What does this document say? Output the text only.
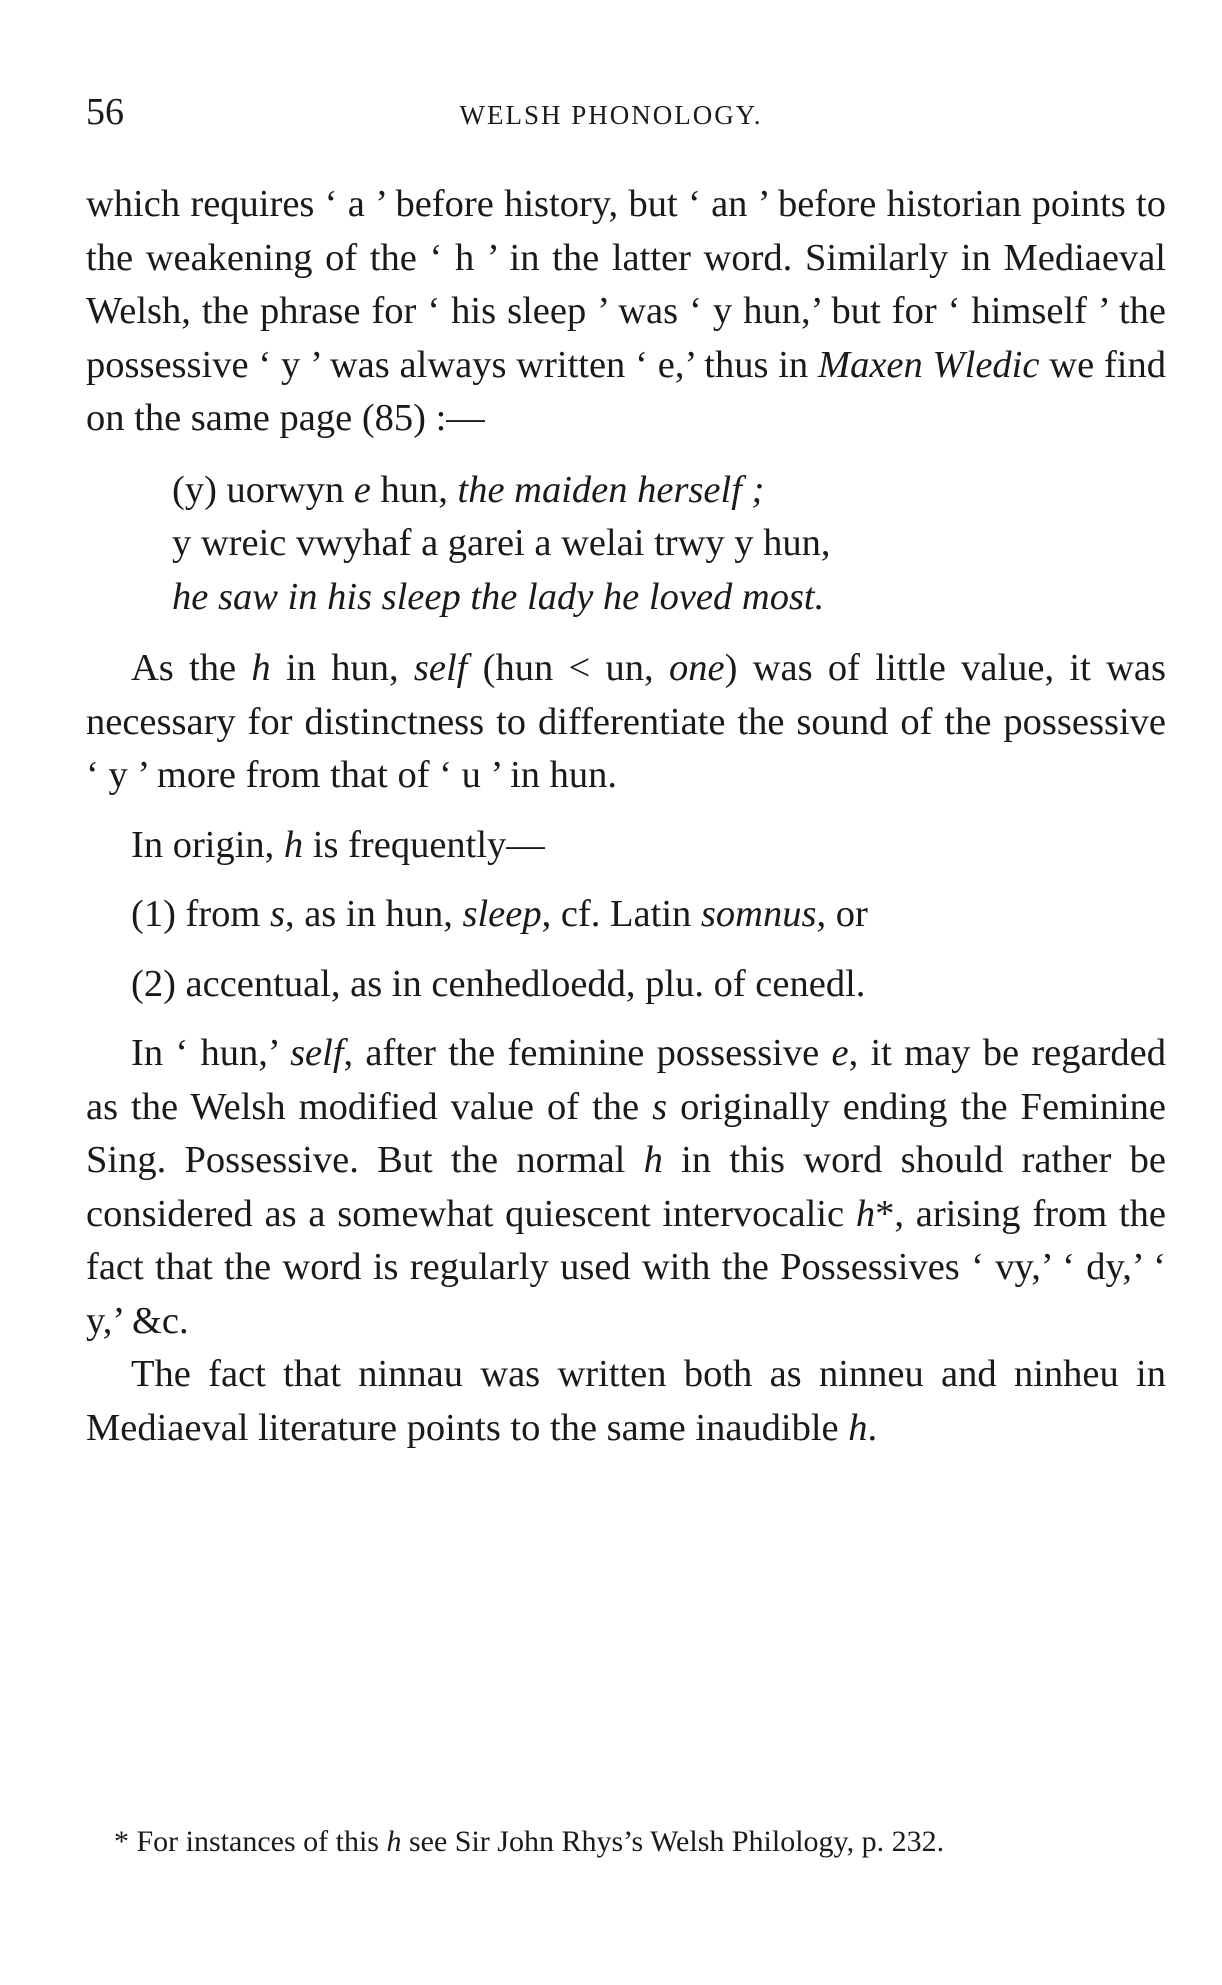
56	WELSH PHONOLOGY.

which requires ‘ a ’ before history, but ‘ an ’ before historian points to the weakening of the ‘ h ’ in the latter word. Similarly in Mediaeval Welsh, the phrase for ‘ his sleep ’ was ‘ y hun,’ but for ‘ himself ’ the possessive ‘ y ’ was always written ‘ e,’ thus in Maxen Wledic we find on the same page (85) :—

(y) uorwyn e hun, the maiden herself ;
y wreic vwyhaf a garei a welai trwy y hun,
he saw in his sleep the lady he loved most.

As the h in hun, self (hun < un, one) was of little value, it was necessary for distinctness to differentiate the sound of the possessive ‘ y ’ more from that of ‘ u ’ in hun.

In origin, h is frequently—

(1) from s, as in hun, sleep, cf. Latin somnus, or
(2) accentual, as in cenhedloedd, plu. of cenedl.

In ‘ hun,’ self, after the feminine possessive e, it may be regarded as the Welsh modified value of the s originally ending the Feminine Sing. Possessive. But the normal h in this word should rather be considered as a somewhat quiescent intervocalic h*, arising from the fact that the word is regularly used with the Possessives ‘ vy,’ ‘ dy,’ ‘ y,’ &c.

The fact that ninnau was written both as ninneu and ninheu in Mediaeval literature points to the same inaudible h.

* For instances of this h see Sir John Rhys’s Welsh Philology, p. 232.
